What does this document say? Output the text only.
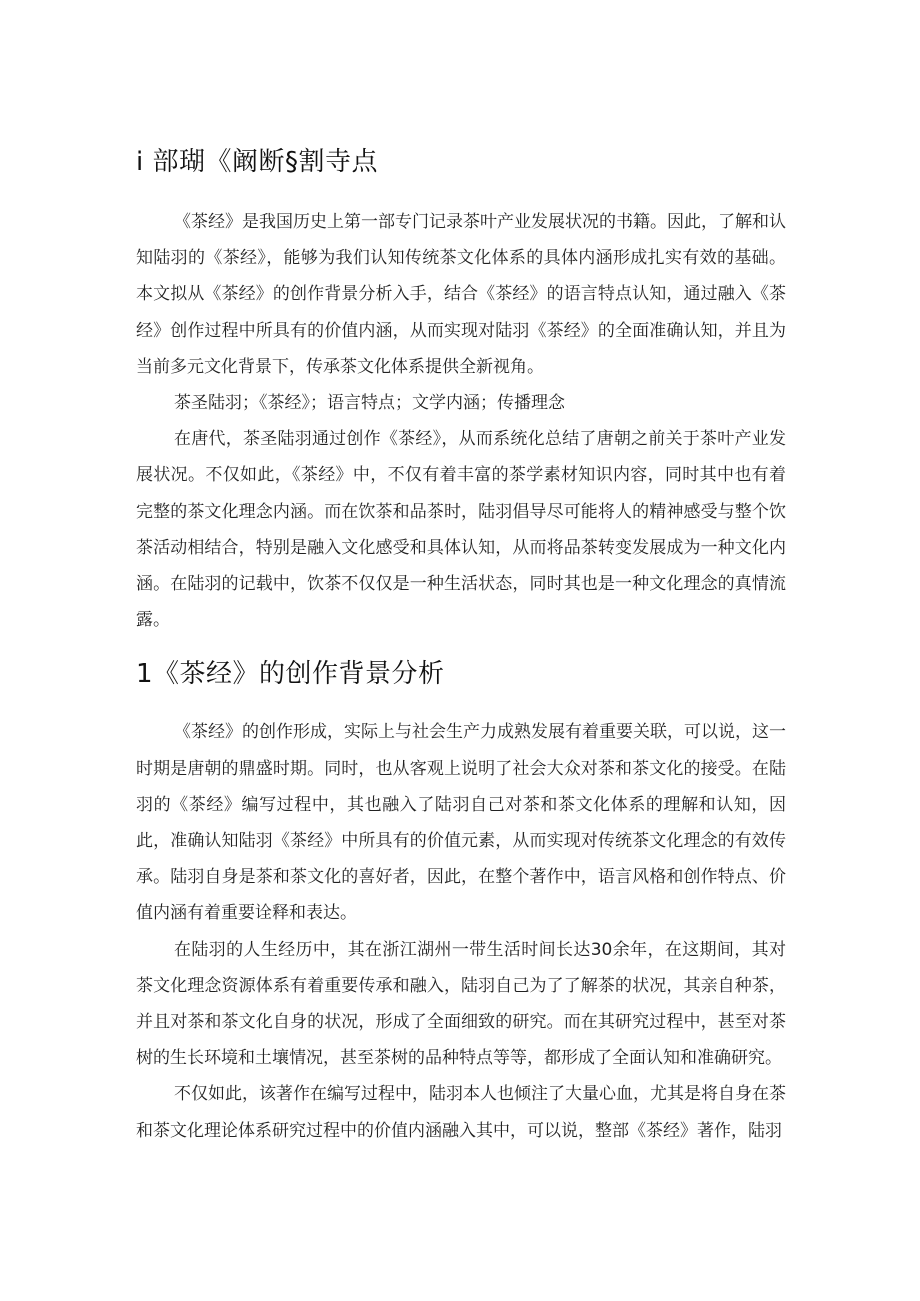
i 部瑚《阚断§割寺点

《茶经》是我国历史上第一部专门记录茶叶产业发展状况的书籍。因此，了解和认知陆羽的《茶经》，能够为我们认知传统茶文化体系的具体内涵形成扎实有效的基础。本文拟从《茶经》的创作背景分析入手，结合《茶经》的语言特点认知，通过融入《茶经》创作过程中所具有的价值内涵，从而实现对陆羽《茶经》的全面准确认知，并且为当前多元文化背景下，传承茶文化体系提供全新视角。

茶圣陆羽；《茶经》；语言特点；文学内涵；传播理念

在唐代，茶圣陆羽通过创作《茶经》，从而系统化总结了唐朝之前关于茶叶产业发展状况。不仅如此，《茶经》中，不仅有着丰富的茶学素材知识内容，同时其中也有着完整的茶文化理念内涵。而在饮茶和品茶时，陆羽倡导尽可能将人的精神感受与整个饮茶活动相结合，特别是融入文化感受和具体认知，从而将品茶转变发展成为一种文化内涵。在陆羽的记载中，饮茶不仅仅是一种生活状态，同时其也是一种文化理念的真情流露。

1《茶经》的创作背景分析

《茶经》的创作形成，实际上与社会生产力成熟发展有着重要关联，可以说，这一时期是唐朝的鼎盛时期。同时，也从客观上说明了社会大众对茶和茶文化的接受。在陆羽的《茶经》编写过程中，其也融入了陆羽自己对茶和茶文化体系的理解和认知，因此，准确认知陆羽《茶经》中所具有的价值元素，从而实现对传统茶文化理念的有效传承。陆羽自身是茶和茶文化的喜好者，因此，在整个著作中，语言风格和创作特点、价值内涵有着重要诠释和表达。

在陆羽的人生经历中，其在浙江湖州一带生活时间长达30余年，在这期间，其对茶文化理念资源体系有着重要传承和融入，陆羽自己为了了解茶的状况，其亲自种茶，并且对茶和茶文化自身的状况，形成了全面细致的研究。而在其研究过程中，甚至对茶树的生长环境和土壤情况，甚至茶树的品种特点等等，都形成了全面认知和准确研究。

不仅如此，该著作在编写过程中，陆羽本人也倾注了大量心血，尤其是将自身在茶和茶文化理论体系研究过程中的价值内涵融入其中，可以说，整部《茶经》著作，陆羽
